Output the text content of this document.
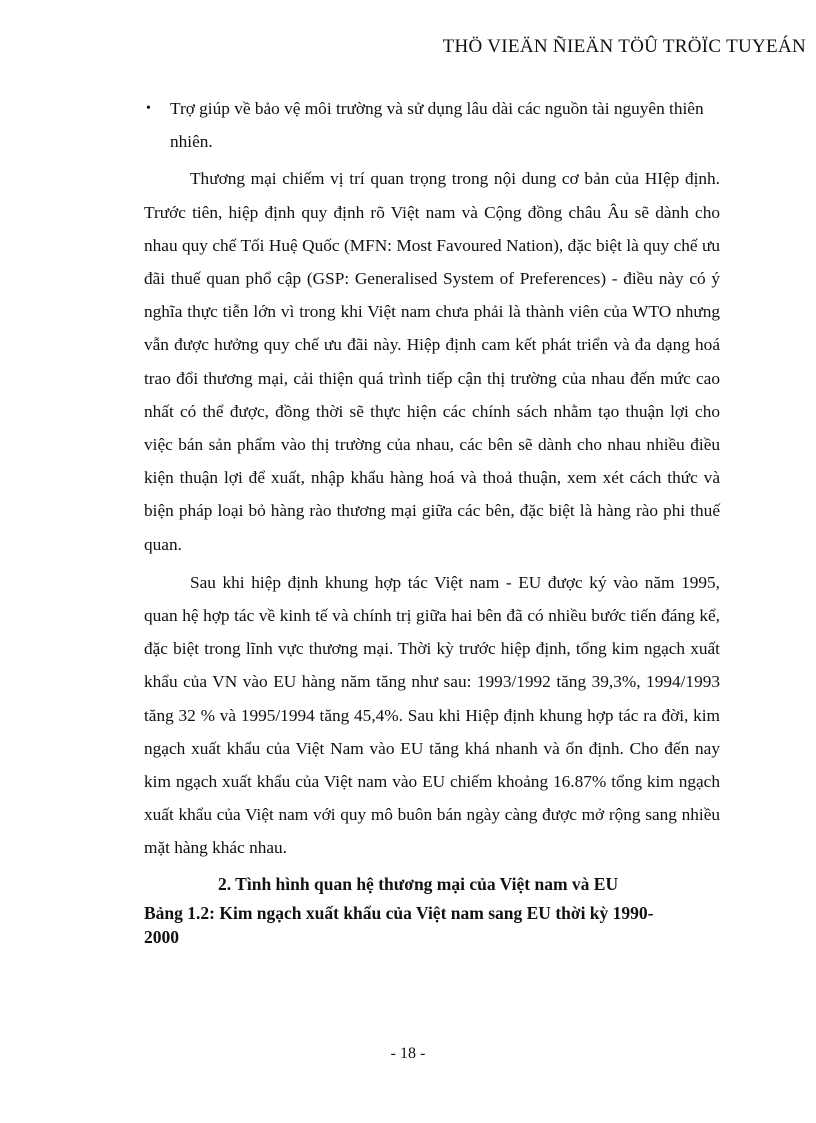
THÖ VIEÄN ÑIEÄN TÖÛ TRÖÏC TUYEÁN
• Trợ giúp về bảo vệ môi trường và sử dụng lâu dài các nguồn tài nguyên thiên nhiên.

Thương mại chiếm vị trí quan trọng trong nội dung cơ bản của HIệp định. Trước tiên, hiệp định quy định rõ Việt nam và Cộng đồng châu Âu sẽ dành cho nhau quy chế Tối Huệ Quốc (MFN: Most Favoured Nation), đặc biệt là quy chế ưu đãi thuế quan phổ cập (GSP: Generalised System of Preferences) - điều này có ý nghĩa thực tiễn lớn vì trong khi Việt nam chưa phải là thành viên của WTO nhưng vẫn được hưởng quy chế ưu đãi này. Hiệp định cam kết phát triển và đa dạng hoá trao đổi thương mại, cải thiện quá trình tiếp cận thị trường của nhau đến mức cao nhất có thể được, đồng thời sẽ thực hiện các chính sách nhằm tạo thuận lợi cho việc bán sản phẩm vào thị trường của nhau, các bên sẽ dành cho nhau nhiều điều kiện thuận lợi để xuất, nhập khẩu hàng hoá và thoả thuận, xem xét cách thức và biện pháp loại bỏ hàng rào thương mại giữa các bên, đặc biệt là hàng rào phi thuế quan.

Sau khi hiệp định khung hợp tác Việt nam - EU được ký vào năm 1995, quan hệ hợp tác về kinh tế và chính trị giữa hai bên đã có nhiều bước tiến đáng kể, đặc biệt trong lĩnh vực thương mại. Thời kỳ trước hiệp định, tổng kim ngạch xuất khẩu của VN vào EU hàng năm tăng như sau: 1993/1992 tăng 39,3%, 1994/1993 tăng 32 % và 1995/1994 tăng 45,4%. Sau khi Hiệp định khung hợp tác ra đời, kim ngạch xuất khẩu của Việt Nam vào EU tăng khá nhanh và ổn định. Cho đến nay kim ngạch xuất khẩu của Việt nam vào EU chiếm khoảng 16.87% tổng kim ngạch xuất khẩu của Việt nam với quy mô buôn bán ngày càng được mở rộng sang nhiều mặt hàng khác nhau.

2. Tình hình quan hệ thương mại của Việt nam và EU
Bảng 1.2: Kim ngạch xuất khẩu của Việt nam sang EU thời kỳ 1990-2000
- 18 -
